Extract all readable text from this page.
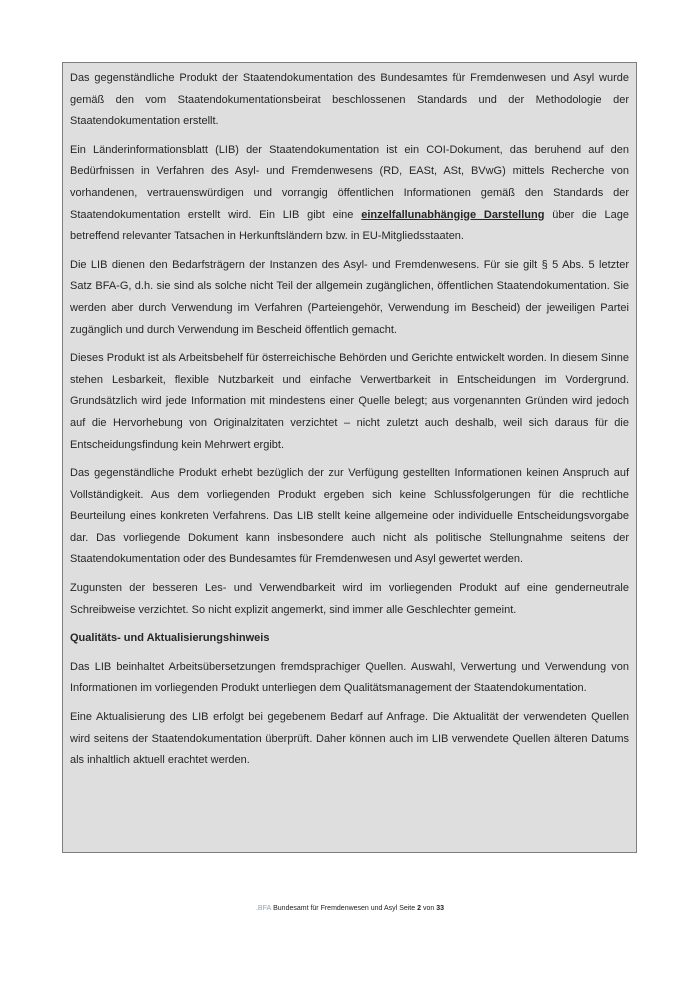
Das gegenständliche Produkt der Staatendokumentation des Bundesamtes für Fremdenwesen und Asyl wurde gemäß den vom Staatendokumentationsbeirat beschlossenen Standards und der Methodologie der Staatendokumentation erstellt.

Ein Länderinformationsblatt (LIB) der Staatendokumentation ist ein COI-Dokument, das beruhend auf den Bedürfnissen in Verfahren des Asyl- und Fremdenwesens (RD, EASt, ASt, BVwG) mittels Recherche von vorhandenen, vertrauenswürdigen und vorrangig öffentlichen Informationen gemäß den Standards der Staatendokumentation erstellt wird. Ein LIB gibt eine einzelfallunabhängige Darstellung über die Lage betreffend relevanter Tatsachen in Herkunftsländern bzw. in EU-Mitgliedsstaaten.

Die LIB dienen den Bedarfsträgern der Instanzen des Asyl- und Fremdenwesens. Für sie gilt § 5 Abs. 5 letzter Satz BFA-G, d.h. sie sind als solche nicht Teil der allgemein zugänglichen, öffentlichen Staatendokumentation. Sie werden aber durch Verwendung im Verfahren (Parteiengehör, Verwendung im Bescheid) der jeweiligen Partei zugänglich und durch Verwendung im Bescheid öffentlich gemacht.

Dieses Produkt ist als Arbeitsbehelf für österreichische Behörden und Gerichte entwickelt worden. In diesem Sinne stehen Lesbarkeit, flexible Nutzbarkeit und einfache Verwertbarkeit in Entscheidungen im Vordergrund. Grundsätzlich wird jede Information mit mindestens einer Quelle belegt; aus vorgenannten Gründen wird jedoch auf die Hervorhebung von Originalzitaten verzichtet – nicht zuletzt auch deshalb, weil sich daraus für die Entscheidungsfindung kein Mehrwert ergibt.

Das gegenständliche Produkt erhebt bezüglich der zur Verfügung gestellten Informationen keinen Anspruch auf Vollständigkeit. Aus dem vorliegenden Produkt ergeben sich keine Schlussfolgerungen für die rechtliche Beurteilung eines konkreten Verfahrens. Das LIB stellt keine allgemeine oder individuelle Entscheidungsvorgabe dar. Das vorliegende Dokument kann insbesondere auch nicht als politische Stellungnahme seitens der Staatendokumentation oder des Bundesamtes für Fremdenwesen und Asyl gewertet werden.

Zugunsten der besseren Les- und Verwendbarkeit wird im vorliegenden Produkt auf eine genderneutrale Schreibweise verzichtet. So nicht explizit angemerkt, sind immer alle Geschlechter gemeint.

Qualitäts- und Aktualisierungshinweis

Das LIB beinhaltet Arbeitsübersetzungen fremdsprachiger Quellen. Auswahl, Verwertung und Verwendung von Informationen im vorliegenden Produkt unterliegen dem Qualitätsmanagement der Staatendokumentation.

Eine Aktualisierung des LIB erfolgt bei gegebenem Bedarf auf Anfrage. Die Aktualität der verwendeten Quellen wird seitens der Staatendokumentation überprüft. Daher können auch im LIB verwendete Quellen älteren Datums als inhaltlich aktuell erachtet werden.

.BFA Bundesamt für Fremdenwesen und Asyl Seite 2 von 33
